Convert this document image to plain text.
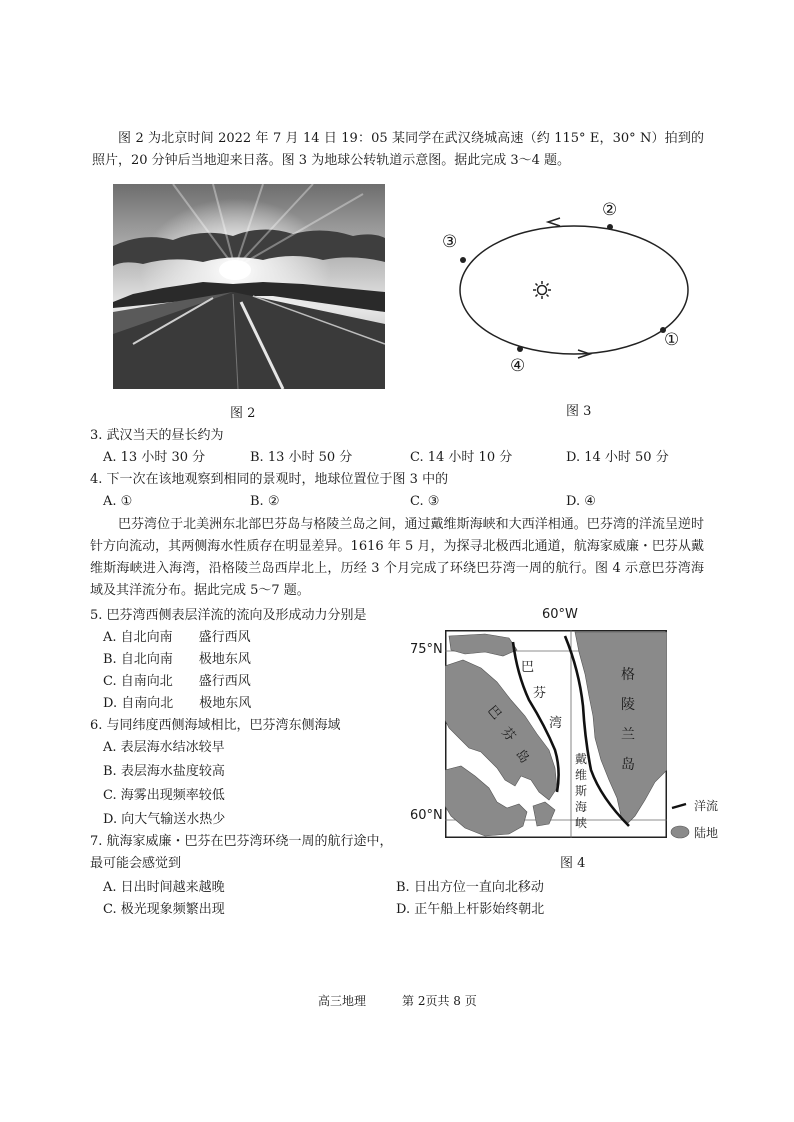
图 2 为北京时间 2022 年 7 月 14 日 19：05 某同学在武汉绕城高速（约 115° E，30° N）拍到的照片，20 分钟后当地迎来日落。图 3 为地球公转轨道示意图。据此完成 3～4 题。
图 2
①
②
③
④
图 3
3. 武汉当天的昼长约为
A. 13 小时 30 分	B. 13 小时 50 分	C. 14 小时 10 分	D. 14 小时 50 分
4. 下一次在该地观察到相同的景观时，地球位置位于图 3 中的
A. ①	B. ②	C. ③	D. ④
巴芬湾位于北美洲东北部巴芬岛与格陵兰岛之间，通过戴维斯海峡和大西洋相通。巴芬湾的洋流呈逆时针方向流动，其两侧海水性质存在明显差异。1616 年 5 月，为探寻北极西北通道，航海家威廉・巴芬从戴维斯海峡进入海湾，沿格陵兰岛西岸北上，历经 3 个月完成了环绕巴芬湾一周的航行。图 4 示意巴芬湾海域及其洋流分布。据此完成 5～7 题。
5. 巴芬湾西侧表层洋流的流向及形成动力分别是
A. 自北向南　　盛行西风
B. 自北向南　　极地东风
C. 自南向北　　盛行西风
D. 自南向北　　极地东风
6. 与同纬度西侧海域相比，巴芬湾东侧海域
A. 表层海水结冰较早
B. 表层海水盐度较高
C. 海雾出现频率较低
D. 向大气输送水热少
7. 航海家威廉・巴芬在巴芬湾环绕一周的航行途中，
最可能会感觉到
A. 日出时间越来越晚	B. 日出方位一直向北移动
C. 极光现象频繁出现	D. 正午船上杆影始终朝北
60°W
75°N
60°N
巴
芬
湾
巴
芬
岛
格
陵
兰
岛
戴
维
斯
海
峡
洋流
陆地
图 4
高三地理	第 2页共 8 页
